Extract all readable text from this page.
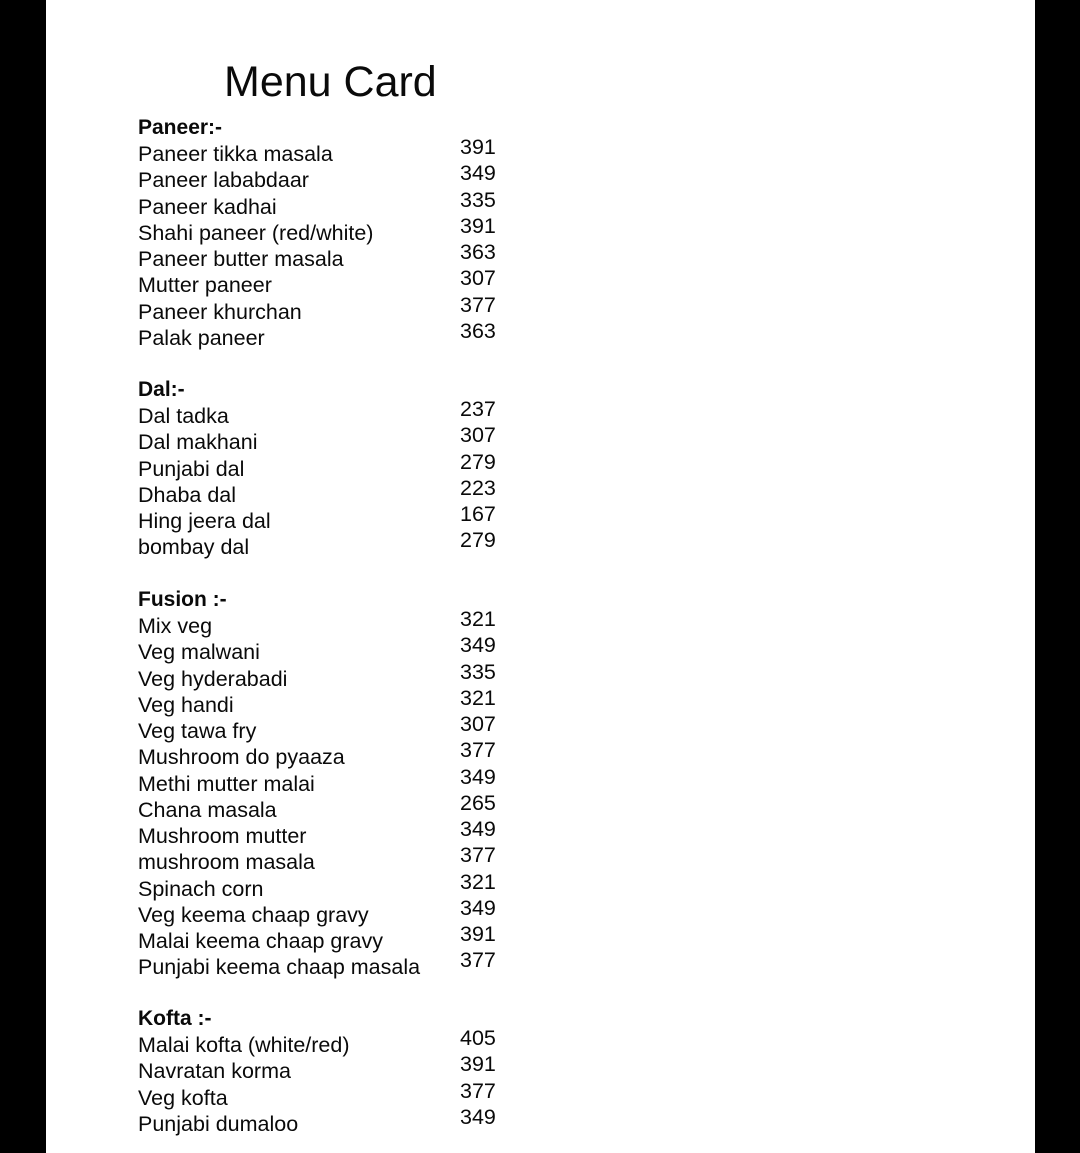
Menu Card
Paneer:-
Paneer tikka masala	391
Paneer lababdaar	349
Paneer kadhai	335
Shahi paneer (red/white)	391
Paneer butter masala	363
Mutter paneer	307
Paneer khurchan	377
Palak paneer	363
Dal:-
Dal tadka	237
Dal makhani	307
Punjabi dal	279
Dhaba dal	223
Hing jeera dal	167
bombay dal	279
Fusion :-
Mix veg	321
Veg malwani	349
Veg hyderabadi	335
Veg handi	321
Veg tawa fry	307
Mushroom do pyaaza	377
Methi mutter malai	349
Chana masala	265
Mushroom mutter	349
mushroom masala	377
Spinach corn	321
Veg keema chaap gravy	349
Malai keema chaap gravy	391
Punjabi keema chaap masala 377
Kofta :-
Malai kofta (white/red)	405
Navratan korma	391
Veg kofta	377
Punjabi dumaloo	349
